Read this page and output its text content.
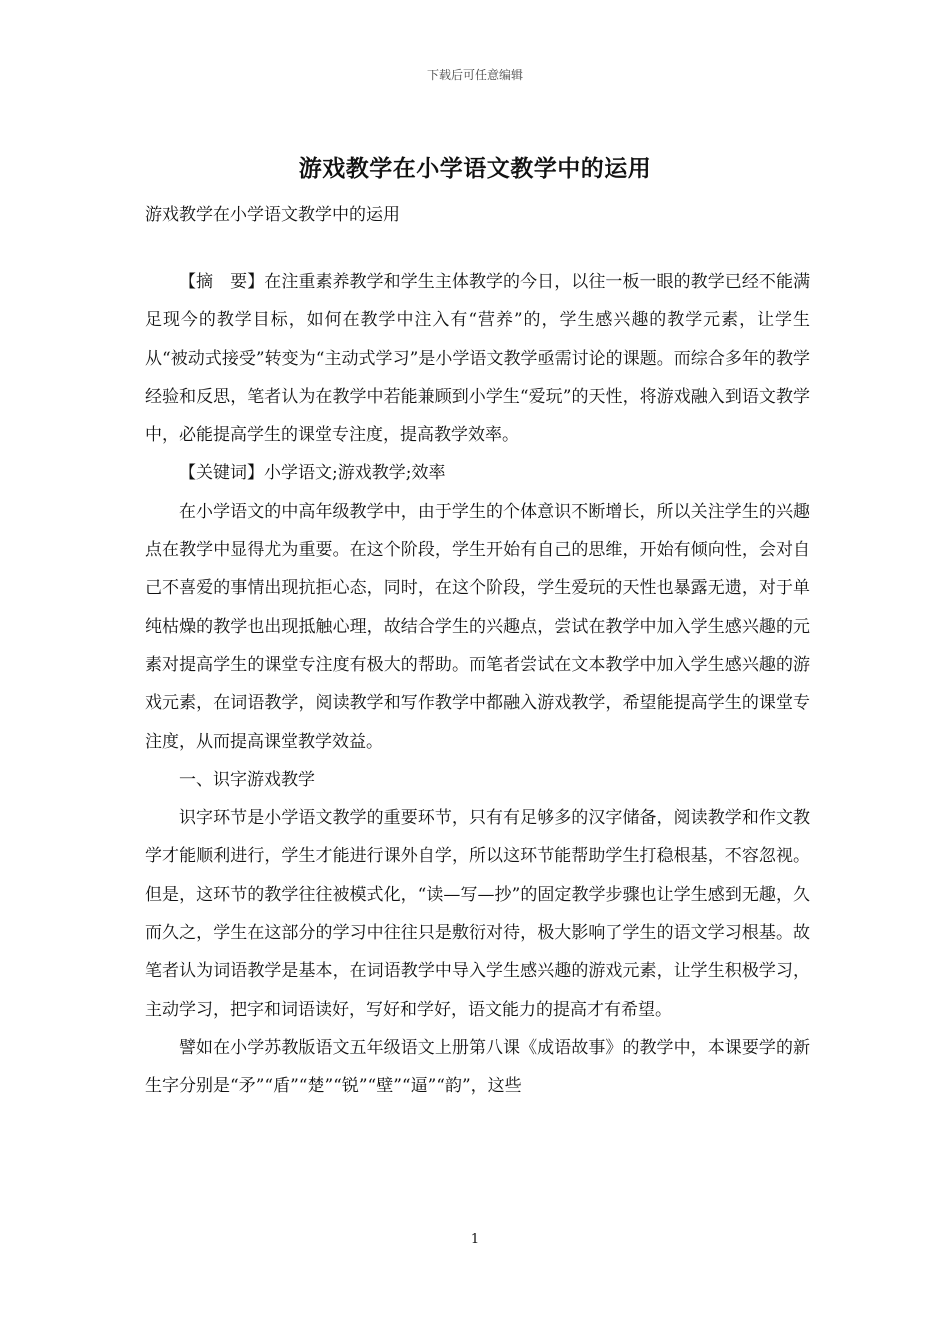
下载后可任意编辑
游戏教学在小学语文教学中的运用
游戏教学在小学语文教学中的运用

【摘　要】在注重素养教学和学生主体教学的今日，以往一板一眼的教学已经不能满足现今的教学目标，如何在教学中注入有“营养”的，学生感兴趣的教学元素，让学生从“被动式接受”转变为“主动式学习”是小学语文教学亟需讨论的课题。而综合多年的教学经验和反思，笔者认为在教学中若能兼顾到小学生“爱玩”的天性，将游戏融入到语文教学中，必能提高学生的课堂专注度，提高教学效率。

【关键词】小学语文;游戏教学;效率

在小学语文的中高年级教学中，由于学生的个体意识不断增长，所以关注学生的兴趣点在教学中显得尤为重要。在这个阶段，学生开始有自己的思维，开始有倾向性，会对自己不喜爱的事情出现抗拒心态，同时，在这个阶段，学生爱玩的天性也暴露无遗，对于单纯枯燥的教学也出现抵触心理，故结合学生的兴趣点，尝试在教学中加入学生感兴趣的元素对提高学生的课堂专注度有极大的帮助。而笔者尝试在文本教学中加入学生感兴趣的游戏元素，在词语教学，阅读教学和写作教学中都融入游戏教学，希望能提高学生的课堂专注度，从而提高课堂教学效益。

一、识字游戏教学

识字环节是小学语文教学的重要环节，只有有足够多的汉字储备，阅读教学和作文教学才能顺利进行，学生才能进行课外自学，所以这环节能帮助学生打稳根基，不容忽视。但是，这环节的教学往往被模式化，“读—写—抄”的固定教学步骤也让学生感到无趣，久而久之，学生在这部分的学习中往往只是敷衍对待，极大影响了学生的语文学习根基。故笔者认为词语教学是基本，在词语教学中导入学生感兴趣的游戏元素，让学生积极学习，主动学习，把字和词语读好，写好和学好，语文能力的提高才有希望。

譬如在小学苏教版语文五年级语文上册第八课《成语故事》的教学中，本课要学的新生字分别是“矛”“盾”“楚”“锐”“壁”“逼”“韵”，这些

1
